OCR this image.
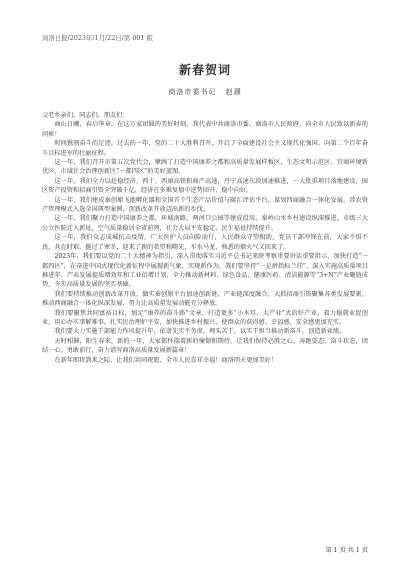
商洛日报/2023年/1月/22日/第 001 版
新春贺词
商洛市委书记 赵璟

父老乡亲们，同志们，朋友们：

商山日曦，春启华章。在这万家团圆的美好时刻，我代表中共商洛市委、商洛市人民政府，向全市人民致以新春的问候！

时间镌刻奋斗的足迹。过去的一年，党的二十大胜利召开，开启了全面建设社会主义现代化强国、向第二个百年奋斗目标进军的壮丽征程。

这一年，我们召开市第五次党代会，擘画了打造中国康养之都和高质量发展样板区、生态文明示范区、宜商环境新优区、市域社会治理创新区“一都四区”的美好蓝图。

这一年，我们全力以赴稳经济，西十、西康高铁和商产高速，丹宁高速东段加速推进，一大批重项目落地建设，园区资产投资和招商引资全突破千亿，经济在多难复加中逆势回升、稳中向好。

这一年，我们建成秦创原飞地孵化器和全国首个生态产品价值与碳汇评估平台，谋划四商融合一体化发展，涉农资产管理模式入选全国典型案例，创新改革开放迈出新的步伐。

这一年，我们聚力打造中国康养之都，环城南路、两河口公园等建成投用，秦岭山水乡村建设纵深推进，市级三大公立医院迁入新址，空气质量稳居全省前列，社会大局平安稳定，民生福祉持续提升。

这一年，我们众志成城抗击疫情，广大医护人员向险而行，人民群众守望相助，党员干部冲锋在前，大家不惧不畏、共克时艰，挺过了寒冬，迎来了新的希望和曙光，车水马龙、熟悉的烟火气又回来了。

2023年，我们要以党的二十大精神为指引，深入贯彻落实习近平总书记来陕考察重要讲话重要指示，加快打造“一都四区”，在奋进中国式现代化新征程中展现新气象、实现新作为。我们要坚持“一是拼指标兰挂”，深入实施高质量项目推进年、产业发展提质增效年和工业倍增计划，全力推动新材料、绿色食品、健康医药、清洁能源等“3+N”产业聚链成势，夯实高质量发展的坚实基础。

我们要持续推动创新改革开放，做实秦创原平台加速创新链、产业链深度融合，大抓招商引资聚集各类发展要素，推动西商融合一体化纵深发展，努力让高质量发展动能充分释放。

我们要聚焦共同富裕目标，加足“康养的奋斗路”文章，打造更多“小木耳、大产业”式的好产业，着力稳就业促创业，用心办实事解难事，扎实民治理护平安，加快推进乡村振兴，使群众的获得感、幸福感、安全感更加充实。

我们要大力实施干部能力作风提升年，依谱先实不务虚，埋头苦干，以实干担当推动新奋斗，创造新业绩。

天时相催，阳生春来，新的一年，大家都怀揣着新的憧憬和期待，让我们保持必胜之心、奔跑姿态、奋斗状态，团结一心、勇敢前行，奋力谱写商洛高质量发展新篇章！

在新年即将到来之际，让我们共同祝愿，全市人民喜祥幸福！商洛明天更加美好！

第 1 页 共 1 页
